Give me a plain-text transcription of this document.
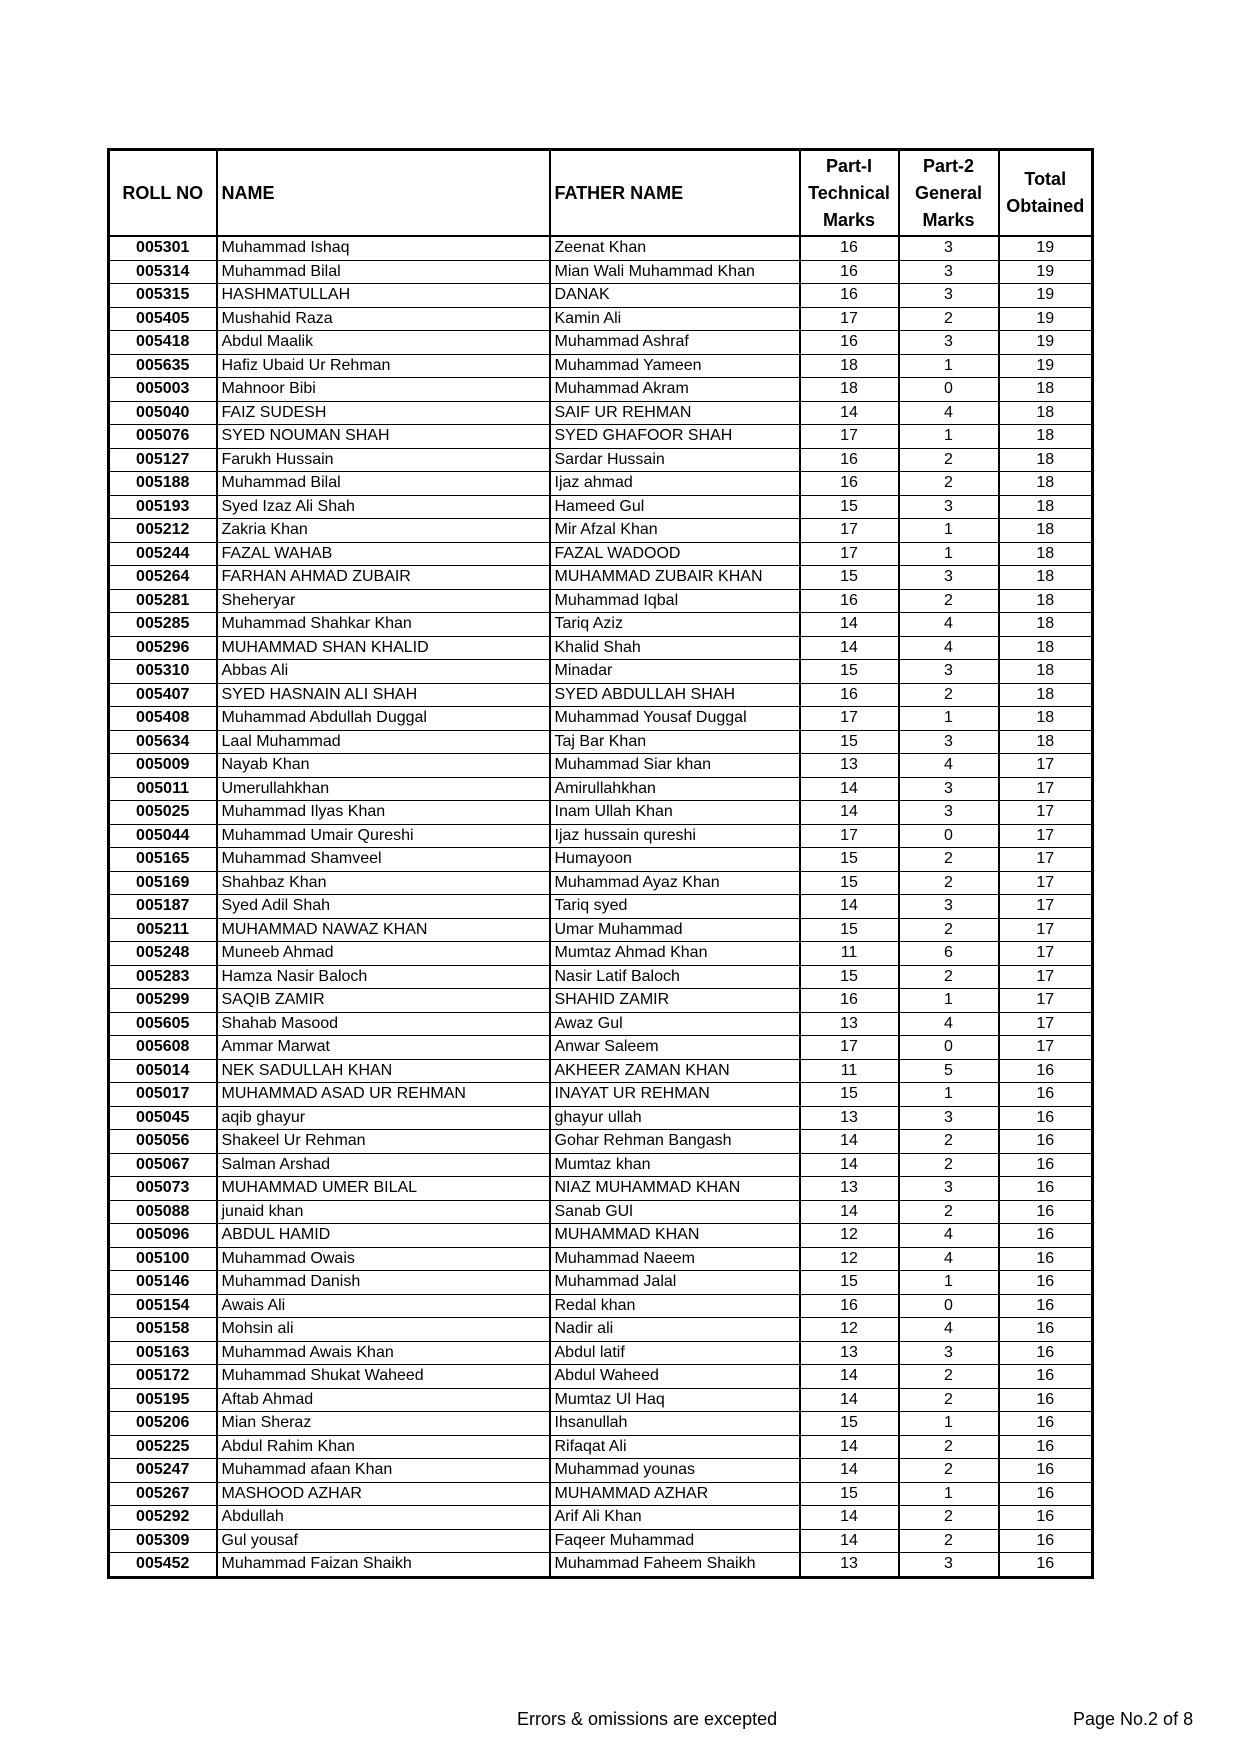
ROLL NO	NAME	FATHER NAME	Part-I
Technical
Marks	Part-2
General
Marks	Total
Obtained
005301	Muhammad Ishaq	Zeenat Khan	16	3	19
005314	Muhammad Bilal	Mian Wali Muhammad Khan	16	3	19
005315	HASHMATULLAH	DANAK	16	3	19
005405	Mushahid Raza	Kamin Ali	17	2	19
005418	Abdul Maalik	Muhammad Ashraf	16	3	19
005635	Hafiz Ubaid Ur Rehman	Muhammad Yameen	18	1	19
005003	Mahnoor Bibi	Muhammad Akram	18	0	18
005040	FAIZ SUDESH	SAIF UR REHMAN	14	4	18
005076	SYED NOUMAN SHAH	SYED GHAFOOR SHAH	17	1	18
005127	Farukh Hussain	Sardar Hussain	16	2	18
005188	Muhammad Bilal	Ijaz ahmad	16	2	18
005193	Syed Izaz Ali Shah	Hameed Gul	15	3	18
005212	Zakria Khan	Mir Afzal Khan	17	1	18
005244	FAZAL WAHAB	FAZAL WADOOD	17	1	18
005264	FARHAN AHMAD ZUBAIR	MUHAMMAD ZUBAIR KHAN	15	3	18
005281	Sheheryar	Muhammad Iqbal	16	2	18
005285	Muhammad Shahkar Khan	Tariq Aziz	14	4	18
005296	MUHAMMAD SHAN KHALID	Khalid Shah	14	4	18
005310	Abbas Ali	Minadar	15	3	18
005407	SYED HASNAIN ALI SHAH	SYED ABDULLAH SHAH	16	2	18
005408	Muhammad Abdullah Duggal	Muhammad Yousaf Duggal	17	1	18
005634	Laal Muhammad	Taj Bar Khan	15	3	18
005009	Nayab Khan	Muhammad Siar khan	13	4	17
005011	Umerullahkhan	Amirullahkhan	14	3	17
005025	Muhammad Ilyas Khan	Inam Ullah Khan	14	3	17
005044	Muhammad Umair Qureshi	Ijaz hussain qureshi	17	0	17
005165	Muhammad Shamveel	Humayoon	15	2	17
005169	Shahbaz Khan	Muhammad Ayaz Khan	15	2	17
005187	Syed Adil Shah	Tariq syed	14	3	17
005211	MUHAMMAD NAWAZ KHAN	Umar Muhammad	15	2	17
005248	Muneeb Ahmad	Mumtaz Ahmad Khan	11	6	17
005283	Hamza Nasir Baloch	Nasir Latif Baloch	15	2	17
005299	SAQIB ZAMIR	SHAHID ZAMIR	16	1	17
005605	Shahab Masood	Awaz Gul	13	4	17
005608	Ammar Marwat	Anwar Saleem	17	0	17
005014	NEK SADULLAH KHAN	AKHEER ZAMAN KHAN	11	5	16
005017	MUHAMMAD ASAD UR REHMAN	INAYAT UR REHMAN	15	1	16
005045	aqib ghayur	ghayur ullah	13	3	16
005056	Shakeel Ur Rehman	Gohar Rehman Bangash	14	2	16
005067	Salman Arshad	Mumtaz khan	14	2	16
005073	MUHAMMAD UMER BILAL	NIAZ MUHAMMAD KHAN	13	3	16
005088	junaid khan	Sanab GUl	14	2	16
005096	ABDUL HAMID	MUHAMMAD KHAN	12	4	16
005100	Muhammad Owais	Muhammad Naeem	12	4	16
005146	Muhammad Danish	Muhammad Jalal	15	1	16
005154	Awais Ali	Redal khan	16	0	16
005158	Mohsin ali	Nadir ali	12	4	16
005163	Muhammad Awais Khan	Abdul latif	13	3	16
005172	Muhammad Shukat Waheed	Abdul Waheed	14	2	16
005195	Aftab Ahmad	Mumtaz Ul Haq	14	2	16
005206	Mian Sheraz	Ihsanullah	15	1	16
005225	Abdul Rahim Khan	Rifaqat Ali	14	2	16
005247	Muhammad afaan Khan	Muhammad younas	14	2	16
005267	MASHOOD AZHAR	MUHAMMAD AZHAR	15	1	16
005292	Abdullah	Arif Ali Khan	14	2	16
005309	Gul yousaf	Faqeer Muhammad	14	2	16
005452	Muhammad Faizan Shaikh	Muhammad Faheem Shaikh	13	3	16
Errors & omissions are excepted	Page No.2 of 8
